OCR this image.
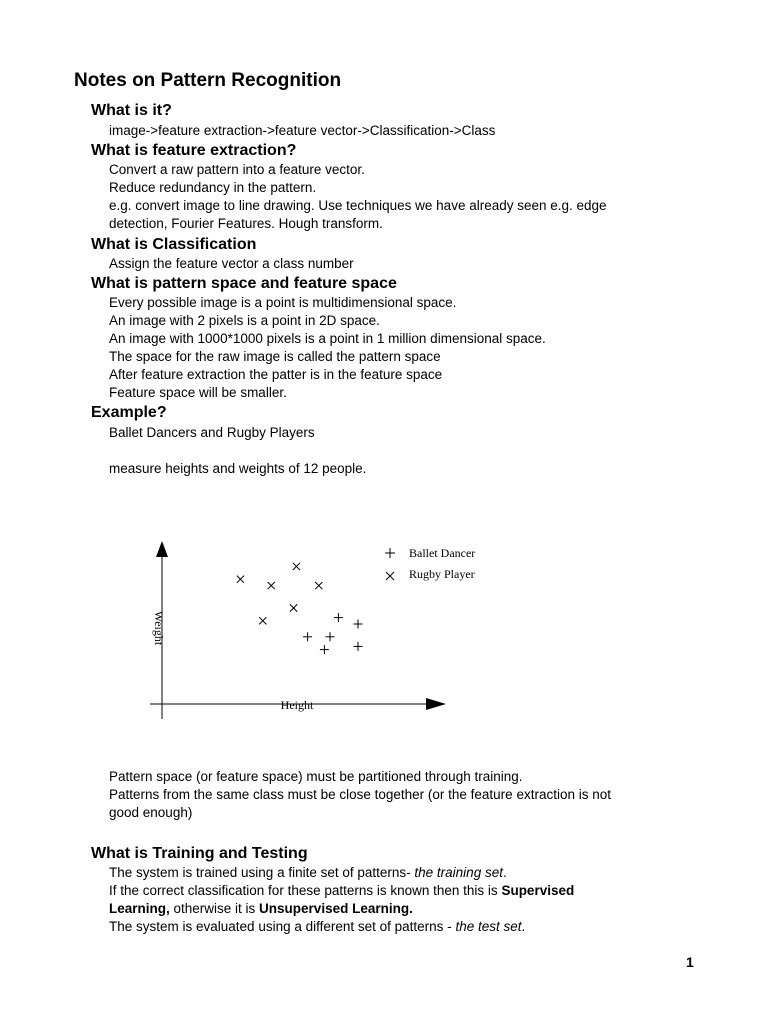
Notes on Pattern Recognition
What is it?
image->feature extraction->feature vector->Classification->Class
What is feature extraction?
Convert a raw pattern into a feature vector.
Reduce redundancy in the pattern.
e.g. convert image to line drawing. Use techniques we have already seen e.g. edge
detection, Fourier Features. Hough transform.
What is Classification
Assign the feature vector a class number
What is pattern space and feature space
Every possible image is a point is multidimensional space.
An image with 2 pixels is a point in 2D space.
An image with 1000*1000 pixels is a point in 1 million dimensional space.
The space for the raw image is called the pattern space
After feature extraction the patter is in the feature space
Feature space will be smaller.
Example?
Ballet Dancers and Rugby Players
measure heights and weights of 12 people.
Height
Weight
Ballet Dancer
Rugby Player
Pattern space (or feature space) must be partitioned through training.
Patterns from the same class must be close together (or the feature extraction is not
good enough)
What is Training and Testing
The system is trained using a finite set of patterns- the training set.
If the correct classification for these patterns is known then this is Supervised
Learning, otherwise it is Unsupervised Learning.
The system is evaluated using a different set of patterns - the test set.
1
